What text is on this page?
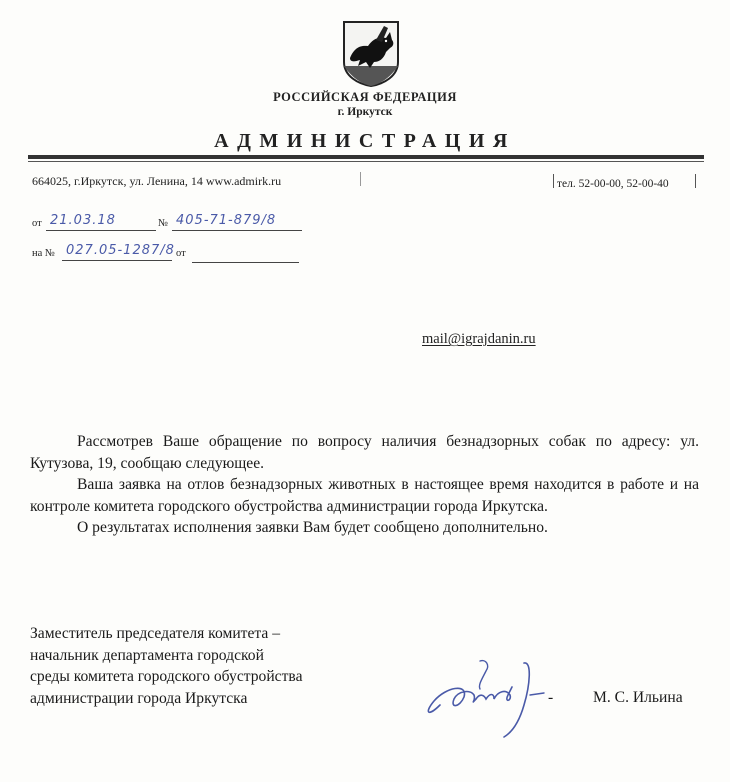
РОССИЙСКАЯ ФЕДЕРАЦИЯ
г. Иркутск
АДМИНИСТРАЦИЯ
664025, г.Иркутск, ул. Ленина, 14 www.admirk.ru	тел. 52-00-00, 52-00-40
от 21.03.18	№ 405-71-879/8
на № 027.05-1287/8 от
mail@igrajdanin.ru

Рассмотрев Ваше обращение по вопросу наличия безнадзорных собак по адресу: ул. Кутузова, 19, сообщаю следующее.

Ваша заявка на отлов безнадзорных животных в настоящее время находится в работе и на контроле комитета городского обустройства администрации города Иркутска.

О результатах исполнения заявки Вам будет сообщено дополнительно.

Заместитель председателя комитета –
начальник департамента городской
среды комитета городского обустройства
администрации города Иркутска	-	М. С. Ильина
